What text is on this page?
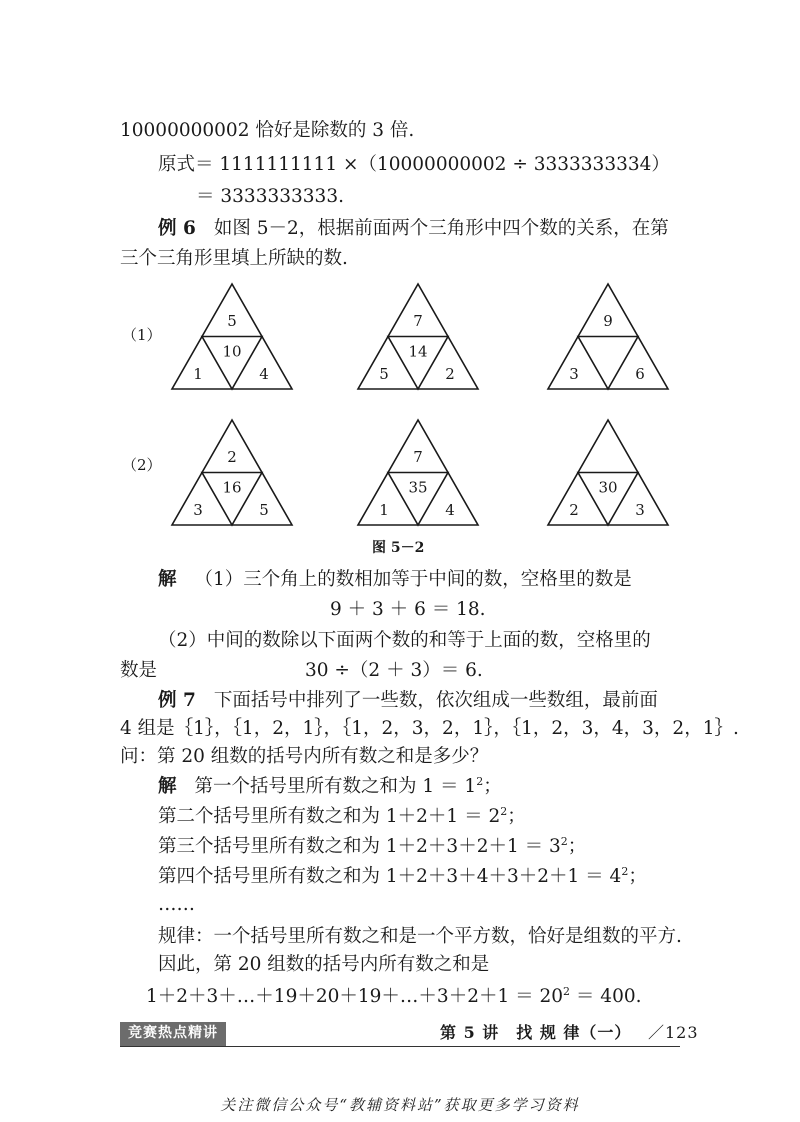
10000000002 恰好是除数的 3 倍.
原式＝ 1111111111 ×（10000000002 ÷ 3333333334）
＝ 3333333333.
例 6 如图 5－2，根据前面两个三角形中四个数的关系，在第
三个三角形里填上所缺的数.
（1）
（2）
5
10
1	4
7
14
5	2
9
3	6
2
16
3	5
7
35
1	4
30
2	3
图 5－2
解 （1）三个角上的数相加等于中间的数，空格里的数是
9 ＋ 3 ＋ 6 ＝ 18.
（2）中间的数除以下面两个数的和等于上面的数，空格里的
数是	30 ÷（2 ＋ 3）＝ 6.
例 7 下面括号中排列了一些数，依次组成一些数组，最前面
4 组是｛1｝，｛1，2，1｝，｛1，2，3，2，1｝，｛1，2，3，4，3，2，1｝.
问：第 20 组数的括号内所有数之和是多少？
解 第一个括号里所有数之和为 $1 = 1^2$；
第二个括号里所有数之和为 $1+2+1 = 2^2$；
第三个括号里所有数之和为 $1+2+3+2+1 = 3^2$；
第四个括号里所有数之和为 $1+2+3+4+3+2+1 = 4^2$；
……
规律：一个括号里所有数之和是一个平方数，恰好是组数的平方.
因此，第 20 组数的括号内所有数之和是
1＋2＋3＋…＋19＋20＋19＋…＋3＋2＋1 ＝ $20^2 = 400$.
竞赛热点精讲	第 5 讲　找 规 律（一） ／123
关注微信公众号“教辅资料站”获取更多学习资料
